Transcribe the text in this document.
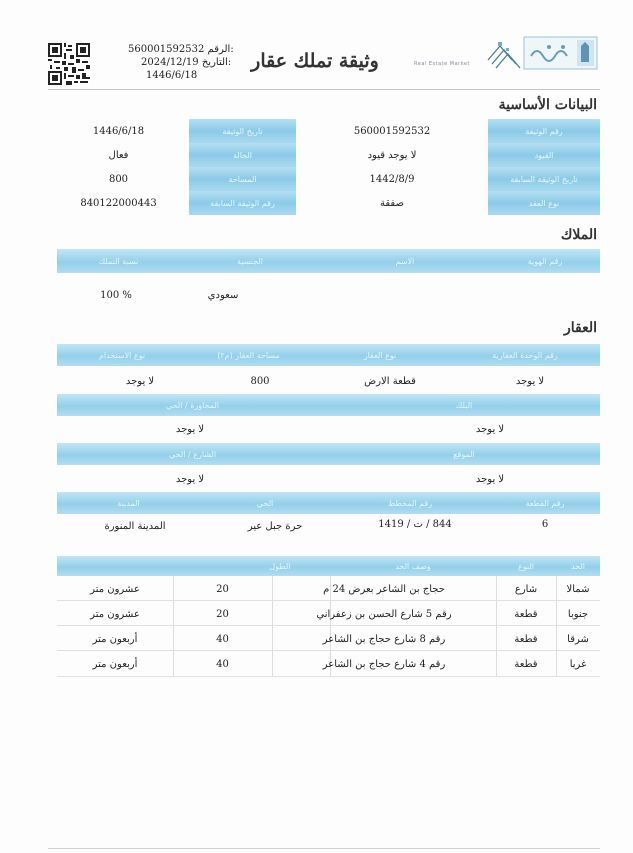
560001592532 الرقم:
2024/12/19 التاريخ:
1446/6/18
وثيقة تملك عقار	Real Estate Market
البيانات الأساسية
رقم الوثيقة
القيود
تاريخ الوثيقة السابقة
نوع العقد
560001592532
لا يوجد قيود
1442/8/9
صفقة
تاريخ الوثيقة
الحالة
المساحة
رقم الوثيقة السابقة
1446/6/18
فعال
800
840122000443
الملاك
رقم الهوية
الاسم
الجنسية
نسبة التملك
سعودي
% 100
العقار
رقم الوحدة العقارية
نوع العقار
مساحة العقار (م٢)
نوع الاستخدام
لا يوجد
قطعة الارض
800
لا يوجد
البلك
المجاورة / الحي
لا يوجد
لا يوجد
الموقع
الشارع / الحي
لا يوجد
لا يوجد
رقم القطعة
رقم المخطط
الحي
المدينة
6
844 / ت / 1419
حرة جبل عير
المدينة المنورة
الحد
النوع
وصف الحد
الطول
شمالا
شارع
حجاج بن الشاعر بعرض 24 م
20
عشرون متر
جنوبا
قطعة
رقم 5 شارع الحسن بن زعفراني
20
عشرون متر
شرقا
قطعة
رقم 8 شارع حجاج بن الشاعر
40
أربعون متر
غربا
قطعة
رقم 4 شارع حجاج بن الشاعر
40
أربعون متر
